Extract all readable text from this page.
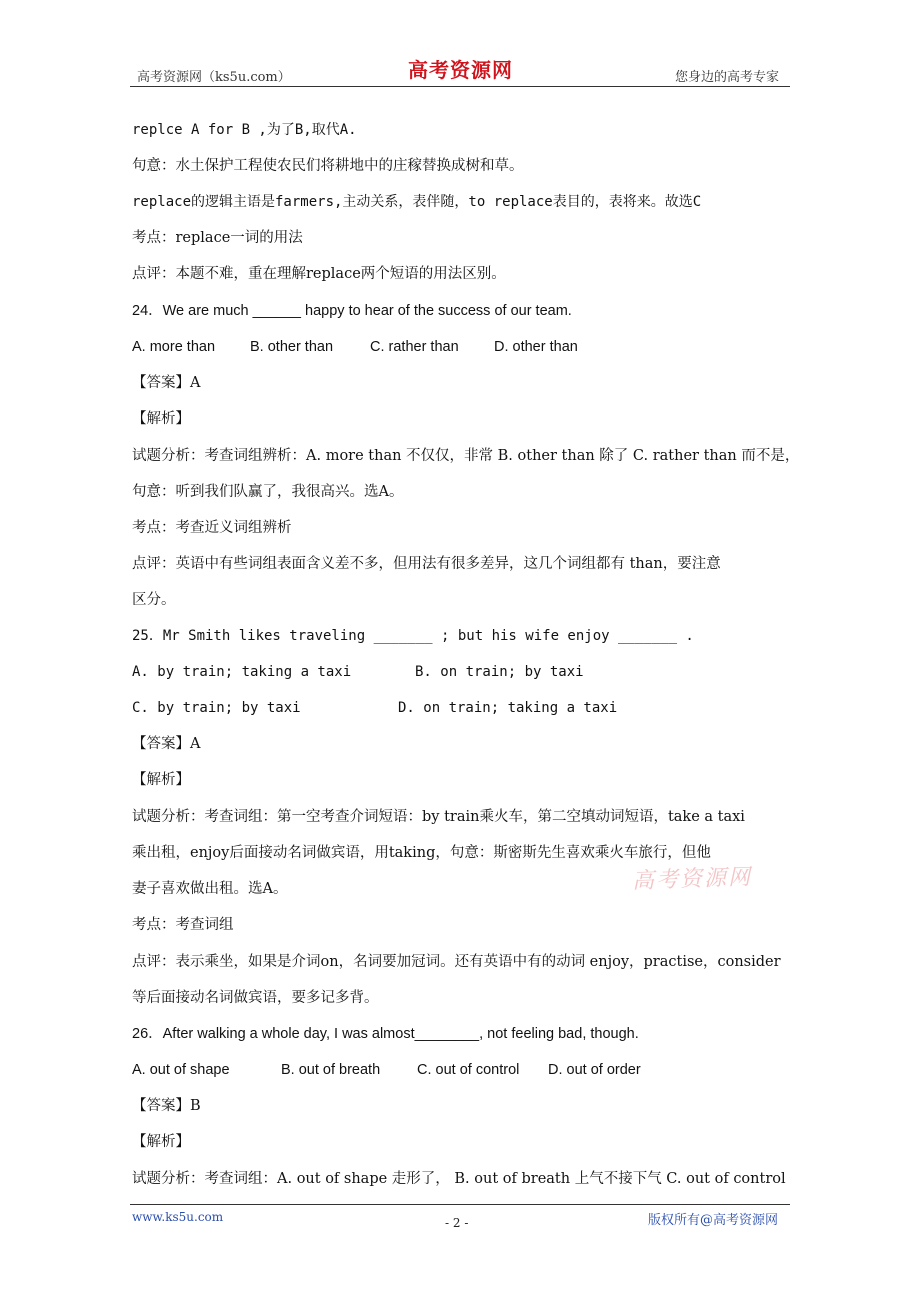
高考资源网（ks5u.com）	高考资源网	您身边的高考专家
replce A for B ,为了B,取代A.
句意：水土保护工程使农民们将耕地中的庄稼替换成树和草。
replace的逻辑主语是farmers,主动关系，表伴随，to replace表目的，表将来。故选C
考点：replace一词的用法
点评：本题不难，重在理解replace两个短语的用法区别。
24．We are much ______ happy to hear of the success of our team.
A. more than B. other than	C. rather than D. other than
【答案】A
【解析】
试题分析：考查词组辨析：A. more than 不仅仅，非常 B. other than 除了 C. rather than 而不是，
句意：听到我们队赢了，我很高兴。选A。
考点：考查近义词组辨析
点评：英语中有些词组表面含义差不多，但用法有很多差异，这几个词组都有 than，要注意
区分。
25．Mr Smith likes traveling _______ ; but his wife enjoy _______ .
A. by train; taking a taxi	B. on train; by taxi
C. by train; by taxi	D. on train; taking a taxi
【答案】A
【解析】
试题分析：考查词组：第一空考查介词短语：by train乘火车，第二空填动词短语，take a taxi
乘出租，enjoy后面接动名词做宾语，用taking，句意：斯密斯先生喜欢乘火车旅行，但他
妻子喜欢做出租。选A。
考点：考查词组
点评：表示乘坐，如果是介词on，名词要加冠词。还有英语中有的动词 enjoy，practise，consider
等后面接动名词做宾语，要多记多背。
26．After walking a whole day, I was almost________, not feeling bad, though.
A. out of shape	B. out of breath	C. out of control D. out of order
【答案】B
【解析】
试题分析：考查词组：A. out of shape 走形了， B. out of breath 上气不接下气 C. out of control
高考资源网
www.ks5u.com	- 2 -	版权所有@高考资源网
